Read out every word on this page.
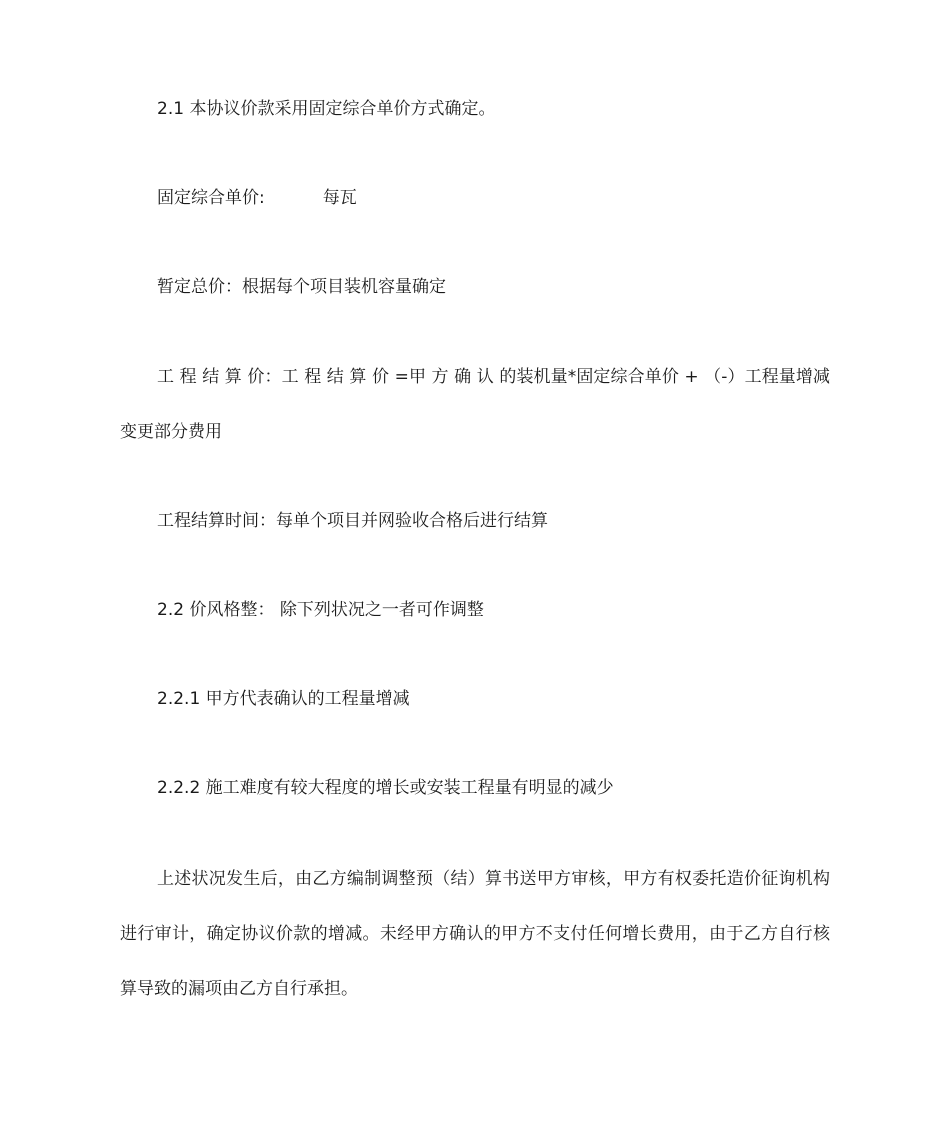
2.1 本协议价款采用固定综合单价方式确定。

固定综合单价:	每瓦

暂定总价：根据每个项目装机容量确定

工 程 结 算 价：工 程 结 算 价 =甲 方 确 认 的装机量*固定综合单价 + （-）工程量增减变更部分费用

工程结算时间：每单个项目并网验收合格后进行结算

2.2 价风格整： 除下列状况之一者可作调整

2.2.1 甲方代表确认的工程量增减

2.2.2 施工难度有较大程度的增长或安装工程量有明显的减少

上述状况发生后，由乙方编制调整预（结）算书送甲方审核，甲方有权委托造价征询机构进行审计，确定协议价款的增减。未经甲方确认的甲方不支付任何增长费用，由于乙方自行核算导致的漏项由乙方自行承担。
